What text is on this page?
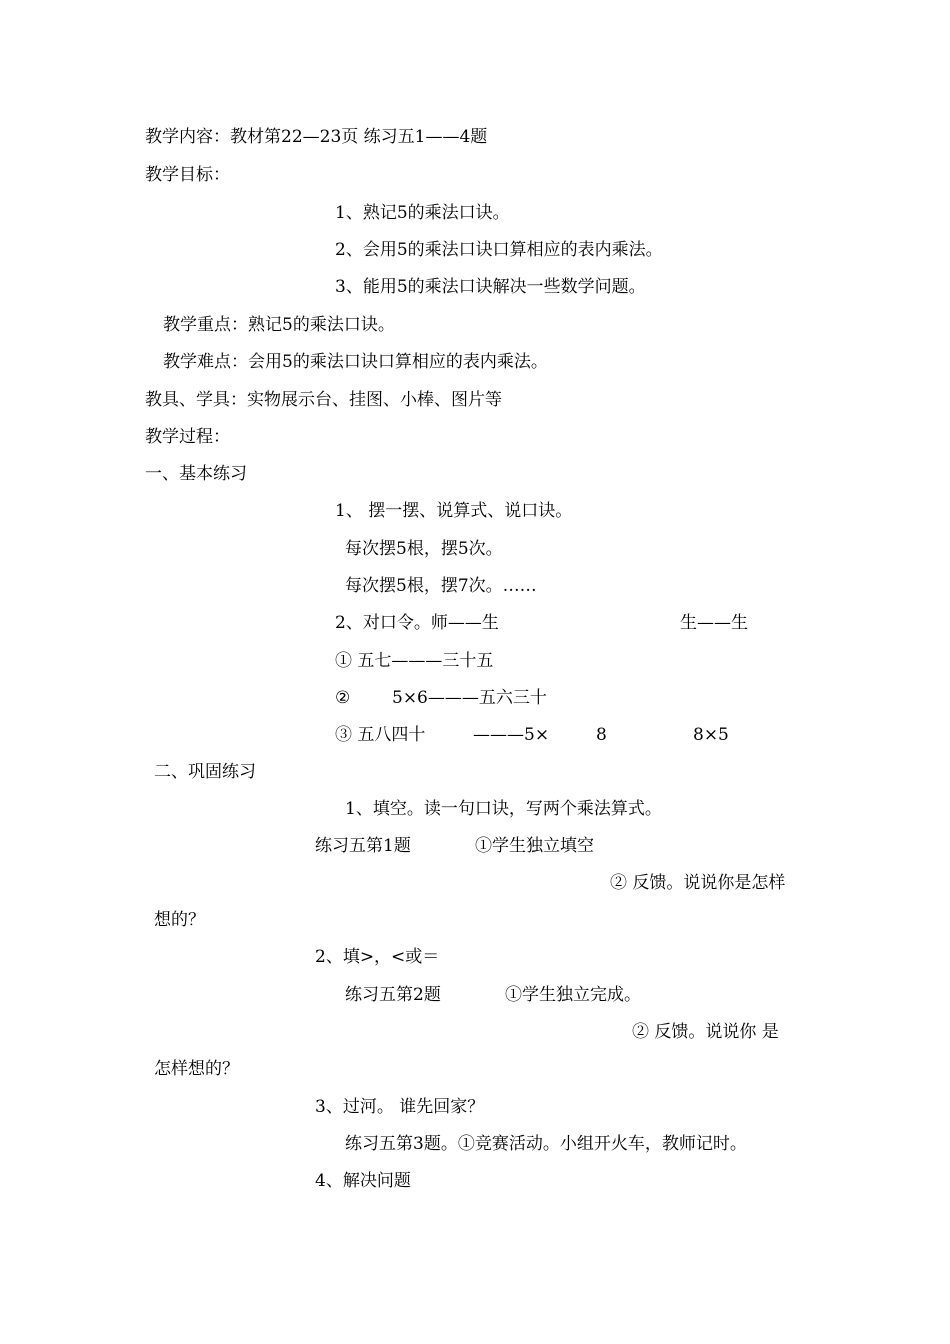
教学内容：教材第22—23页 练习五1——4题
教学目标：
1、熟记5的乘法口诀。
2、会用5的乘法口诀口算相应的表内乘法。
3、能用5的乘法口诀解决一些数学问题。
教学重点：熟记5的乘法口诀。
教学难点：会用5的乘法口诀口算相应的表内乘法。
教具、学具：实物展示台、挂图、小棒、图片等
教学过程：
一、基本练习
1、 摆一摆、说算式、说口诀。
每次摆5根，摆5次。
每次摆5根，摆7次。……
2、对口令。师——生	生——生
① 五七———三十五
② 5×6———五六三十
③ 五八四十	———5×	8	8×5
二、巩固练习
1、填空。读一句口诀，写两个乘法算式。
练习五第1题	①学生独立填空
② 反馈。说说你是怎样
想的？
2、填>，<或＝
练习五第2题	①学生独立完成。
② 反馈。说说你 是
怎样想的？
3、过河。 谁先回家？
练习五第3题。①竞赛活动。小组开火车，教师记时。
4、解决问题
